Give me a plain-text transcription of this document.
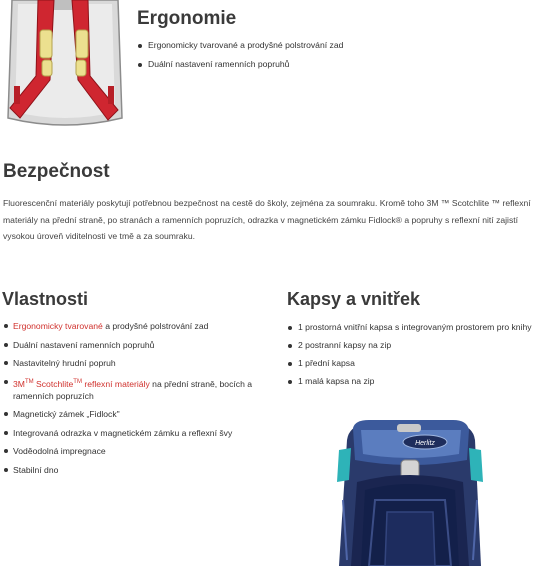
Ergonomie
Ergonomicky tvarované a prodyšné polstrování zad
Duální nastavení ramenních popruhů
Bezpečnost

Fluorescenční materiály poskytují potřebnou bezpečnost na cestě do školy, zejména za soumraku. Kromě toho 3M ™ Scotchlite ™ reflexní materiály na přední straně, po stranách a ramenních popruzích, odrazka v magnetickém zámku Fidlock® a popruhy s reflexní nití zajistí vysokou úroveň viditelnosti ve tmě a za soumraku.

Vlastnosti
Ergonomicky tvarované a prodyšné polstrování zad
Duální nastavení ramenních popruhů
Nastavitelný hrudní popruh
3M™ Scotchlite™ reflexní materiály na přední straně, bocích a ramenních popruzích
Magnetický zámek „Fidlock"
Integrovaná odrazka v magnetickém zámku a reflexní švy
Voděodolná impregnace
Stabilní dno
Kapsy a vnitřek
1 prostorná vnitřní kapsa s integrovaným prostorem pro knihy
2 postranní kapsy na zip
1 přední kapsa
1 malá kapsa na zip
Herlitz
